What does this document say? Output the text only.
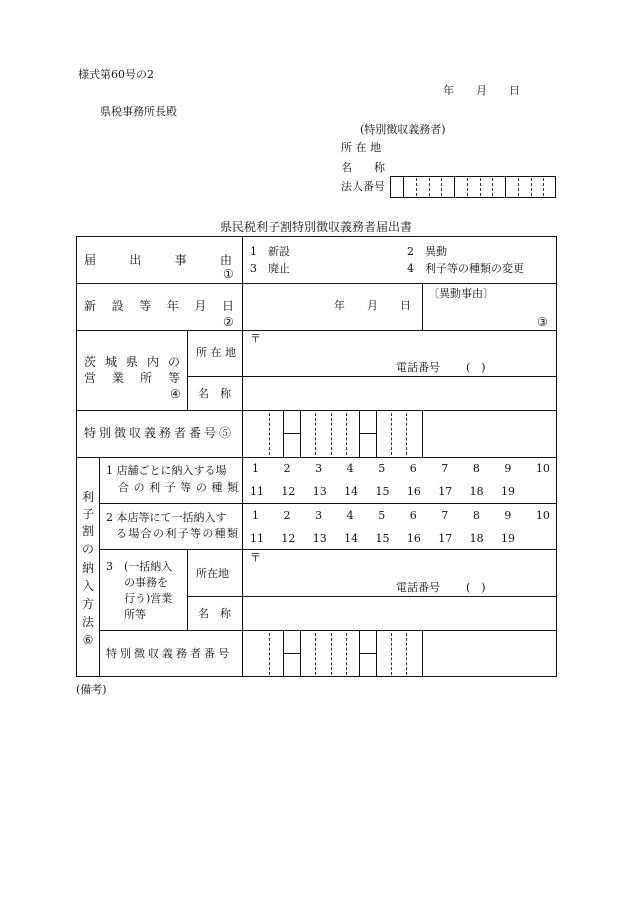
様式第60号の2
年　　月　　日
県税事務所長殿
(特別徴収義務者)
所 在 地
名　　称
法人番号
県民税利子割特別徴収義務者届出書
届　出　事　由
①
1　新設	2　異動
3　廃止	4　利子等の種類の変更
新　設　等　年　月　日
②
年　　月　　日
〔異動事由〕
③
茨 城 県 内 の
営　業　所　等
④
所 在 地
名　称
〒
電話番号 (　)
特別徴収義務者番号⑤
利
子
割
の
納
入
方
法
⑥
1 店舗ごとに納入する場
合の利子等の種類
1 2 3 4 5 6 7 8 9 10
11 12 13 14 15 16 17 18 19
2 本店等にて一括納入す
る場合の利子等の種類
1 2 3 4 5 6 7 8 9 10
11 12 13 14 15 16 17 18 19
3　(一括納入
の事務を
行う)営業
所等
所在地
名　称
〒
電話番号 (　)
特別徴収義務者番号
(備考)
